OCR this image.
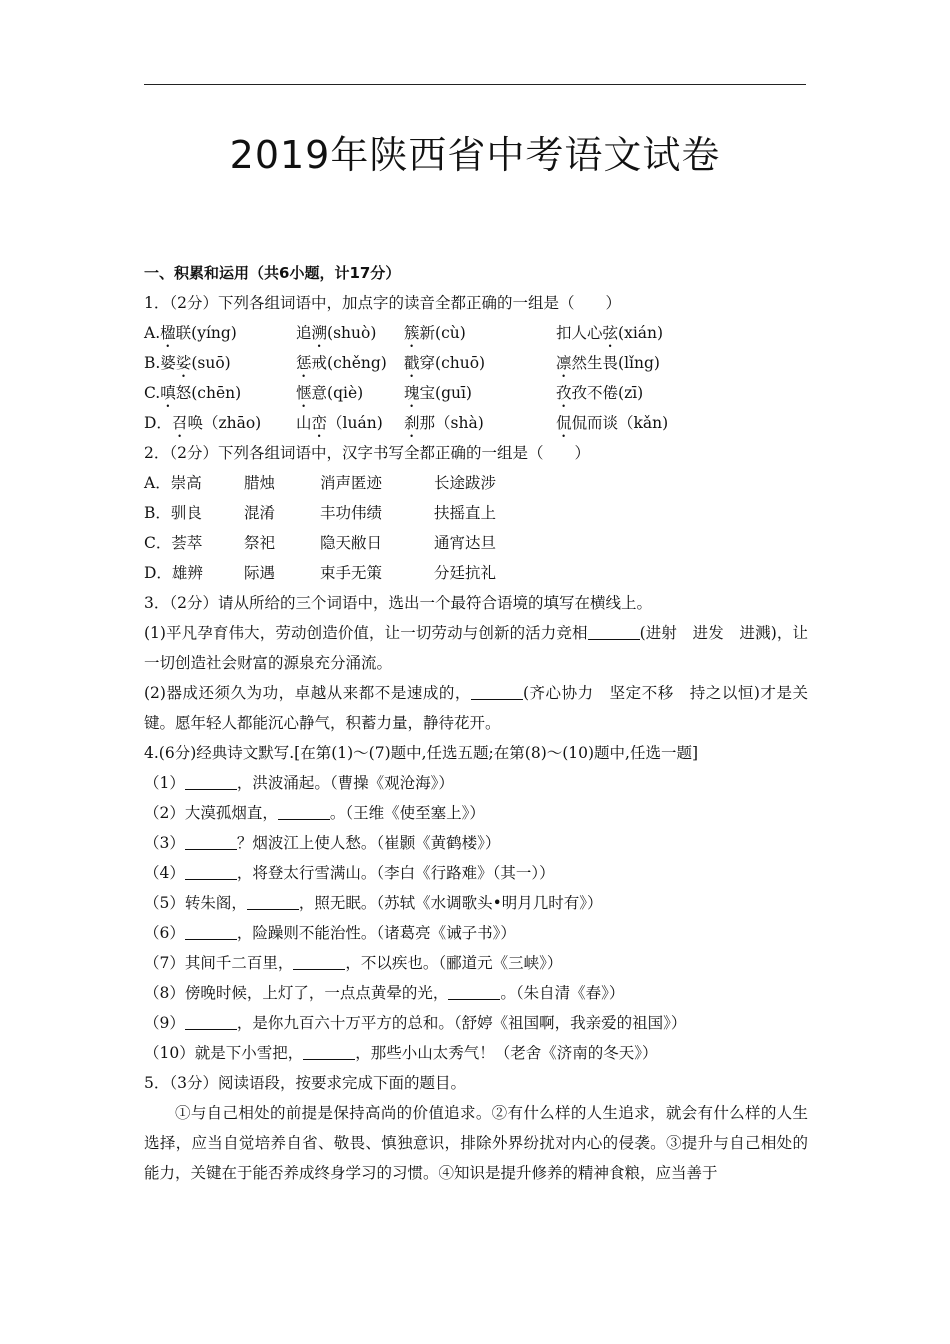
2019年陕西省中考语文试卷
一、积累和运用（共6小题，计17分）
1．（2分）下列各组词语中，加点字的读音全都正确的一组是（　　）
A.楹联(yíng)	追溯(shuò)	簇新(cù)	扣人心弦(xián)
B.婆娑(suō)	惩戒(chěng)	戳穿(chuō)	凛然生畏(lǐng)
C.嗔怒(chēn)	惬意(qiè)	瑰宝(guī)	孜孜不倦(zī)
D．召唤（zhāo)	山峦（luán)	刹那（shà)	侃侃而谈（kǎn)
2．（2分）下列各组词语中，汉字书写全都正确的一组是（　　）
A．崇高	腊烛	消声匿迹	长途跋涉
B．驯良	混淆	丰功伟绩	扶摇直上
C．荟萃	祭祀	隐天敝日	通宵达旦
D．雄辨	际遇	束手无策	分廷抗礼
3．（2分）请从所给的三个词语中，选出一个最符合语境的填写在横线上。
(1)平凡孕育伟大，劳动创造价值，让一切劳动与创新的活力竞相	(进射　进发　进溅)，让一切创造社会财富的源泉充分涌流。
(2)器成还须久为功，卓越从来都不是速成的，	(齐心协力　坚定不移　持之以恒)才是关键。愿年轻人都能沉心静气，积蓄力量，静待花开。
4.(6分)经典诗文默写.[在第(1)～(7)题中,任选五题;在第(8)～(10)题中,任选一题]
（1）	，洪波涌起。（曹操《观沧海》）
（2）大漠孤烟直，	。（王维《使至塞上》）
（3）	？烟波江上使人愁。（崔颢《黄鹤楼》）
（4）	，将登太行雪满山。（李白《行路难》（其一））
（5）转朱阁，	，照无眠。（苏轼《水调歌头•明月几时有》）
（6）	，险躁则不能治性。（诸葛亮《诫子书》）
（7）其间千二百里，	，不以疾也。（郦道元《三峡》）
（8）傍晚时候，上灯了，一点点黄晕的光，	。（朱自清《春》）
（9）	，是你九百六十万平方的总和。（舒婷《祖国啊，我亲爱的祖国》）
（10）就是下小雪把，	，那些小山太秀气！（老舍《济南的冬天》）
5．（3分）阅读语段，按要求完成下面的题目。
①与自己相处的前提是保持高尚的价值追求。②有什么样的人生追求，就会有什么样的人生选择，应当自觉培养自省、敬畏、慎独意识，排除外界纷扰对内心的侵袭。③提升与自己相处的能力，关键在于能否养成终身学习的习惯。④知识是提升修养的精神食粮，应当善于
